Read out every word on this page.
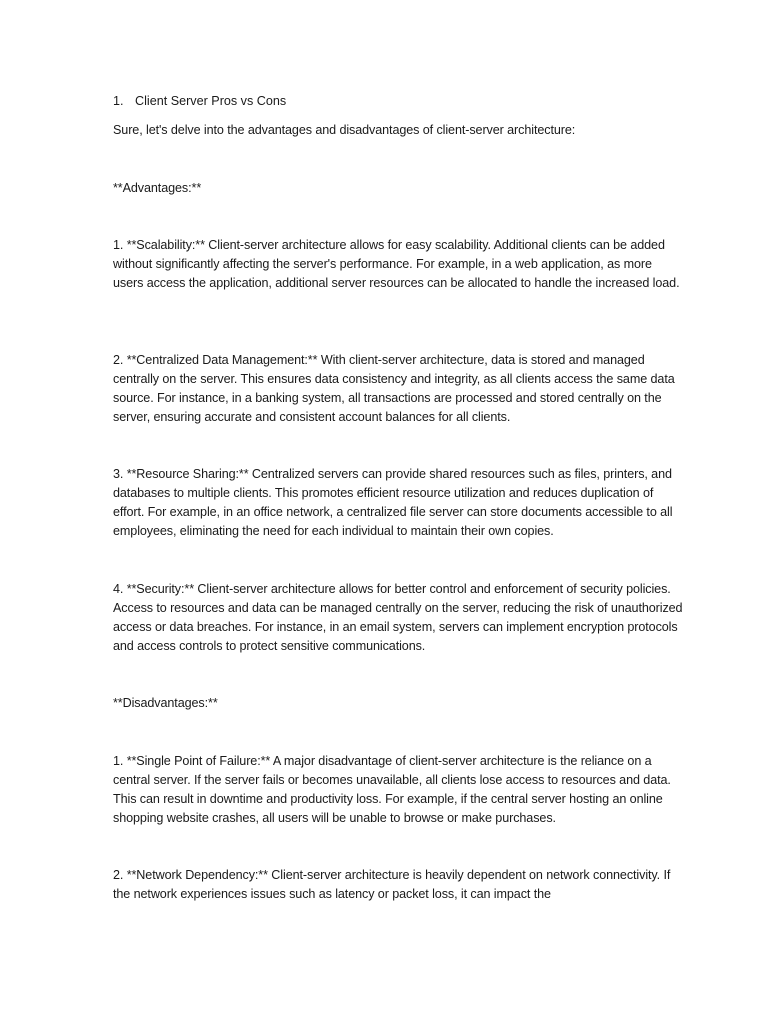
1. Client Server Pros vs Cons

Sure, let's delve into the advantages and disadvantages of client-server architecture:

**Advantages:**

1. **Scalability:** Client-server architecture allows for easy scalability. Additional clients can be added without significantly affecting the server's performance. For example, in a web application, as more users access the application, additional server resources can be allocated to handle the increased load.

2. **Centralized Data Management:** With client-server architecture, data is stored and managed centrally on the server. This ensures data consistency and integrity, as all clients access the same data source. For instance, in a banking system, all transactions are processed and stored centrally on the server, ensuring accurate and consistent account balances for all clients.

3. **Resource Sharing:** Centralized servers can provide shared resources such as files, printers, and databases to multiple clients. This promotes efficient resource utilization and reduces duplication of effort. For example, in an office network, a centralized file server can store documents accessible to all employees, eliminating the need for each individual to maintain their own copies.

4. **Security:** Client-server architecture allows for better control and enforcement of security policies. Access to resources and data can be managed centrally on the server, reducing the risk of unauthorized access or data breaches. For instance, in an email system, servers can implement encryption protocols and access controls to protect sensitive communications.

**Disadvantages:**

1. **Single Point of Failure:** A major disadvantage of client-server architecture is the reliance on a central server. If the server fails or becomes unavailable, all clients lose access to resources and data. This can result in downtime and productivity loss. For example, if the central server hosting an online shopping website crashes, all users will be unable to browse or make purchases.

2. **Network Dependency:** Client-server architecture is heavily dependent on network connectivity. If the network experiences issues such as latency or packet loss, it can impact the
